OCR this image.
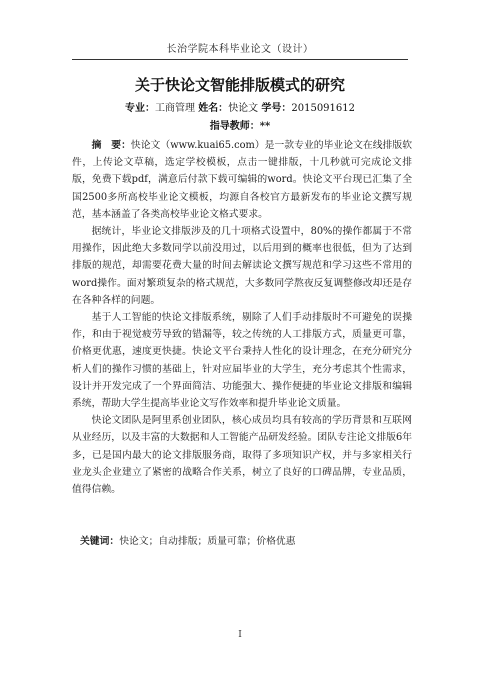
长治学院本科毕业论文（设计）
关于快论文智能排版模式的研究
专业：工商管理 姓名：快论文 学号：2015091612
指导教师：**

摘　要：快论文（www.kuai65.com）是一款专业的毕业论文在线排版软件，上传论文草稿，选定学校模板，点击一键排版，十几秒就可完成论文排版，免费下载pdf，满意后付款下载可编辑的word。快论文平台现已汇集了全国2500多所高校毕业论文模板，均源自各校官方最新发布的毕业论文撰写规范，基本涵盖了各类高校毕业论文格式要求。

据统计，毕业论文排版涉及的几十项格式设置中，80%的操作都属于不常用操作，因此绝大多数同学以前没用过，以后用到的概率也很低，但为了达到排版的规范，却需要花费大量的时间去解读论文撰写规范和学习这些不常用的word操作。面对繁琐复杂的格式规范，大多数同学熬夜反复调整修改却还是存在各种各样的问题。

基于人工智能的快论文排版系统，剔除了人们手动排版时不可避免的误操作，和由于视觉疲劳导致的错漏等，较之传统的人工排版方式，质量更可靠，价格更优惠，速度更快捷。快论文平台秉持人性化的设计理念，在充分研究分析人们的操作习惯的基础上，针对应届毕业的大学生，充分考虑其个性需求，设计并开发完成了一个界面简洁、功能强大、操作便捷的毕业论文排版和编辑系统，帮助大学生提高毕业论文写作效率和提升毕业论文质量。

快论文团队是阿里系创业团队，核心成员均具有较高的学历背景和互联网从业经历，以及丰富的大数据和人工智能产品研发经验。团队专注论文排版6年多，已是国内最大的论文排版服务商，取得了多项知识产权，并与多家相关行业龙头企业建立了紧密的战略合作关系，树立了良好的口碑品牌，专业品质，值得信赖。

关键词：快论文；自动排版；质量可靠；价格优惠
I
